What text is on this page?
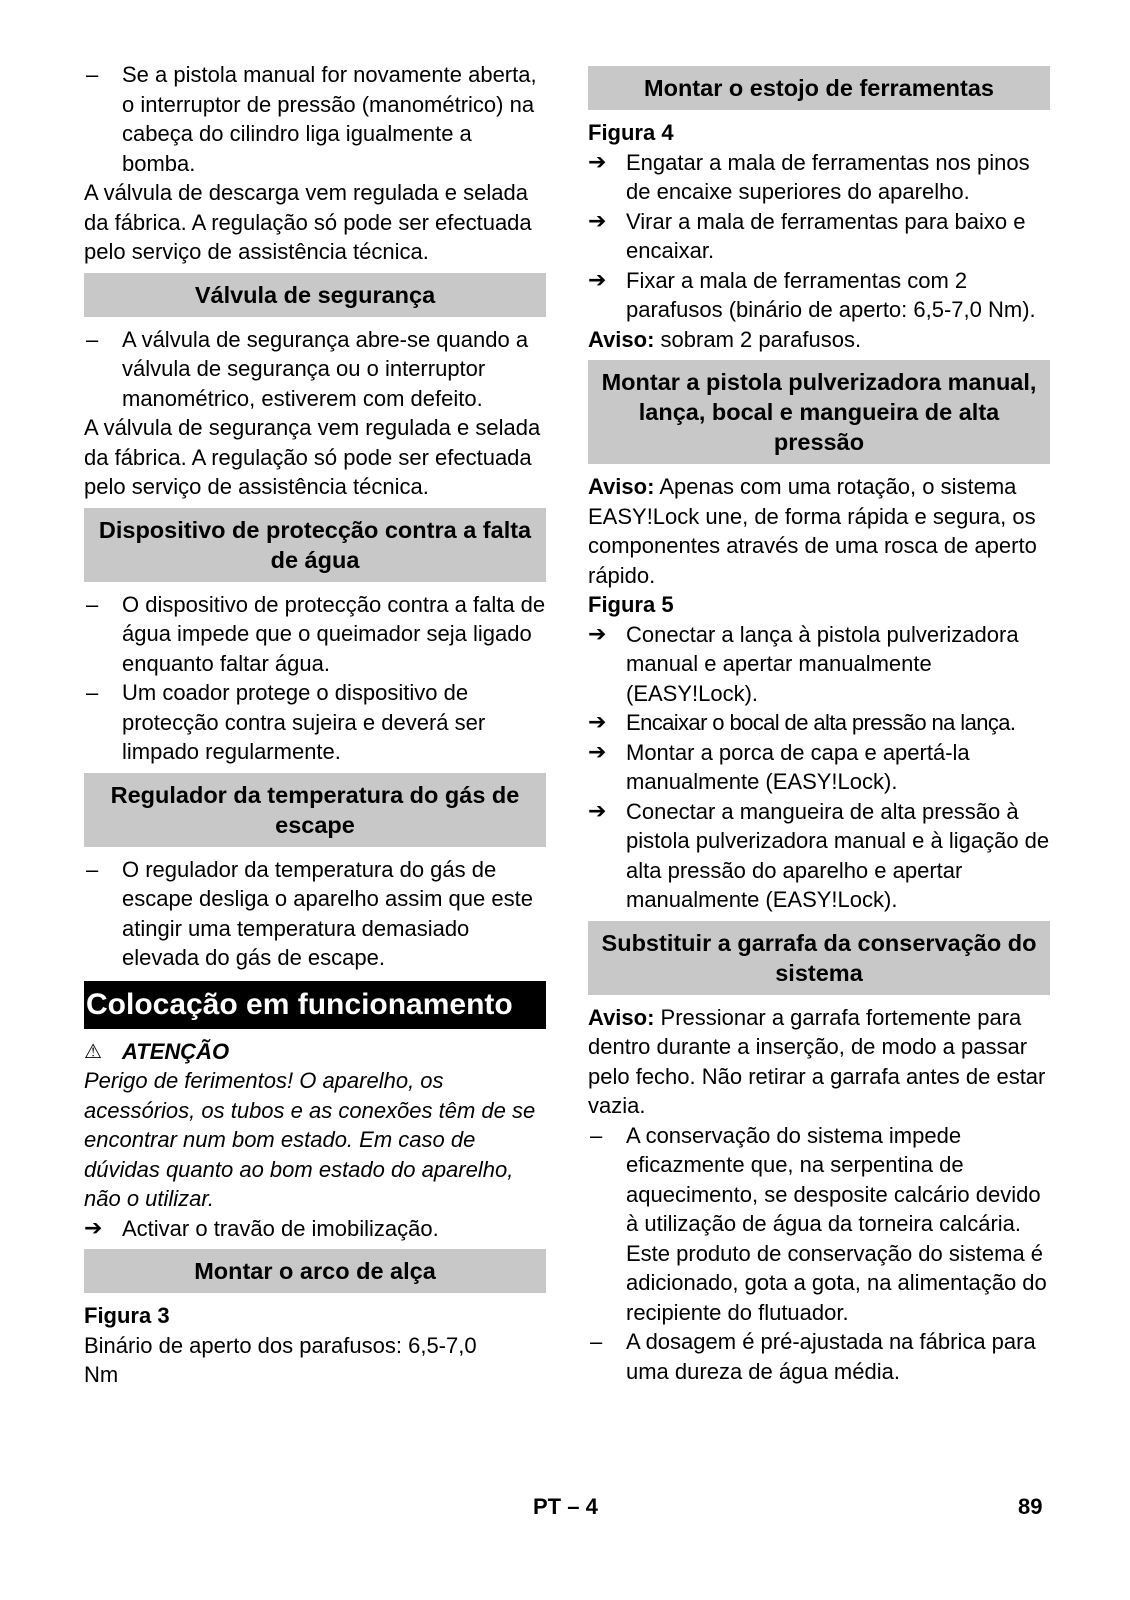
– Se a pistola manual for novamente aberta, o interruptor de pressão (manométrico) na cabeça do cilindro liga igualmente a bomba.

A válvula de descarga vem regulada e selada da fábrica. A regulação só pode ser efectuada pelo serviço de assistência técnica.

Válvula de segurança

– A válvula de segurança abre-se quando a válvula de segurança ou o interruptor manométrico, estiverem com defeito.

A válvula de segurança vem regulada e selada da fábrica. A regulação só pode ser efectuada pelo serviço de assistência técnica.

Dispositivo de protecção contra a falta de água

– O dispositivo de protecção contra a falta de água impede que o queimador seja ligado enquanto faltar água.

– Um coador protege o dispositivo de protecção contra sujeira e deverá ser limpado regularmente.

Regulador da temperatura do gás de escape

– O regulador da temperatura do gás de escape desliga o aparelho assim que este atingir uma temperatura demasiado elevada do gás de escape.

Colocação em funcionamento

⚠ ATENÇÃO

Perigo de ferimentos! O aparelho, os acessórios, os tubos e as conexões têm de se encontrar num bom estado. Em caso de dúvidas quanto ao bom estado do aparelho, não o utilizar.

➔ Activar o travão de imobilização.

Montar o arco de alça

Figura 3

Binário de aperto dos parafusos: 6,5-7,0 Nm

Montar o estojo de ferramentas

Figura 4

➔ Engatar a mala de ferramentas nos pinos de encaixe superiores do aparelho.

➔ Virar a mala de ferramentas para baixo e encaixar.

➔ Fixar a mala de ferramentas com 2 parafusos (binário de aperto: 6,5-7,0 Nm).

Aviso: sobram 2 parafusos.

Montar a pistola pulverizadora manual, lança, bocal e mangueira de alta pressão

Aviso: Apenas com uma rotação, o sistema EASY!Lock une, de forma rápida e segura, os componentes através de uma rosca de aperto rápido.

Figura 5

➔ Conectar a lança à pistola pulverizadora manual e apertar manualmente (EASY!Lock).

➔ Encaixar o bocal de alta pressão na lança.

➔ Montar a porca de capa e apertá-la manualmente (EASY!Lock).

➔ Conectar a mangueira de alta pressão à pistola pulverizadora manual e à ligação de alta pressão do aparelho e apertar manualmente (EASY!Lock).

Substituir a garrafa da conservação do sistema

Aviso: Pressionar a garrafa fortemente para dentro durante a inserção, de modo a passar pelo fecho. Não retirar a garrafa antes de estar vazia.

– A conservação do sistema impede eficazmente que, na serpentina de aquecimento, se desposite calcário devido à utilização de água da torneira calcária. Este produto de conservação do sistema é adicionado, gota a gota, na alimentação do recipiente do flutuador.

– A dosagem é pré-ajustada na fábrica para uma dureza de água média.

PT – 4	89
